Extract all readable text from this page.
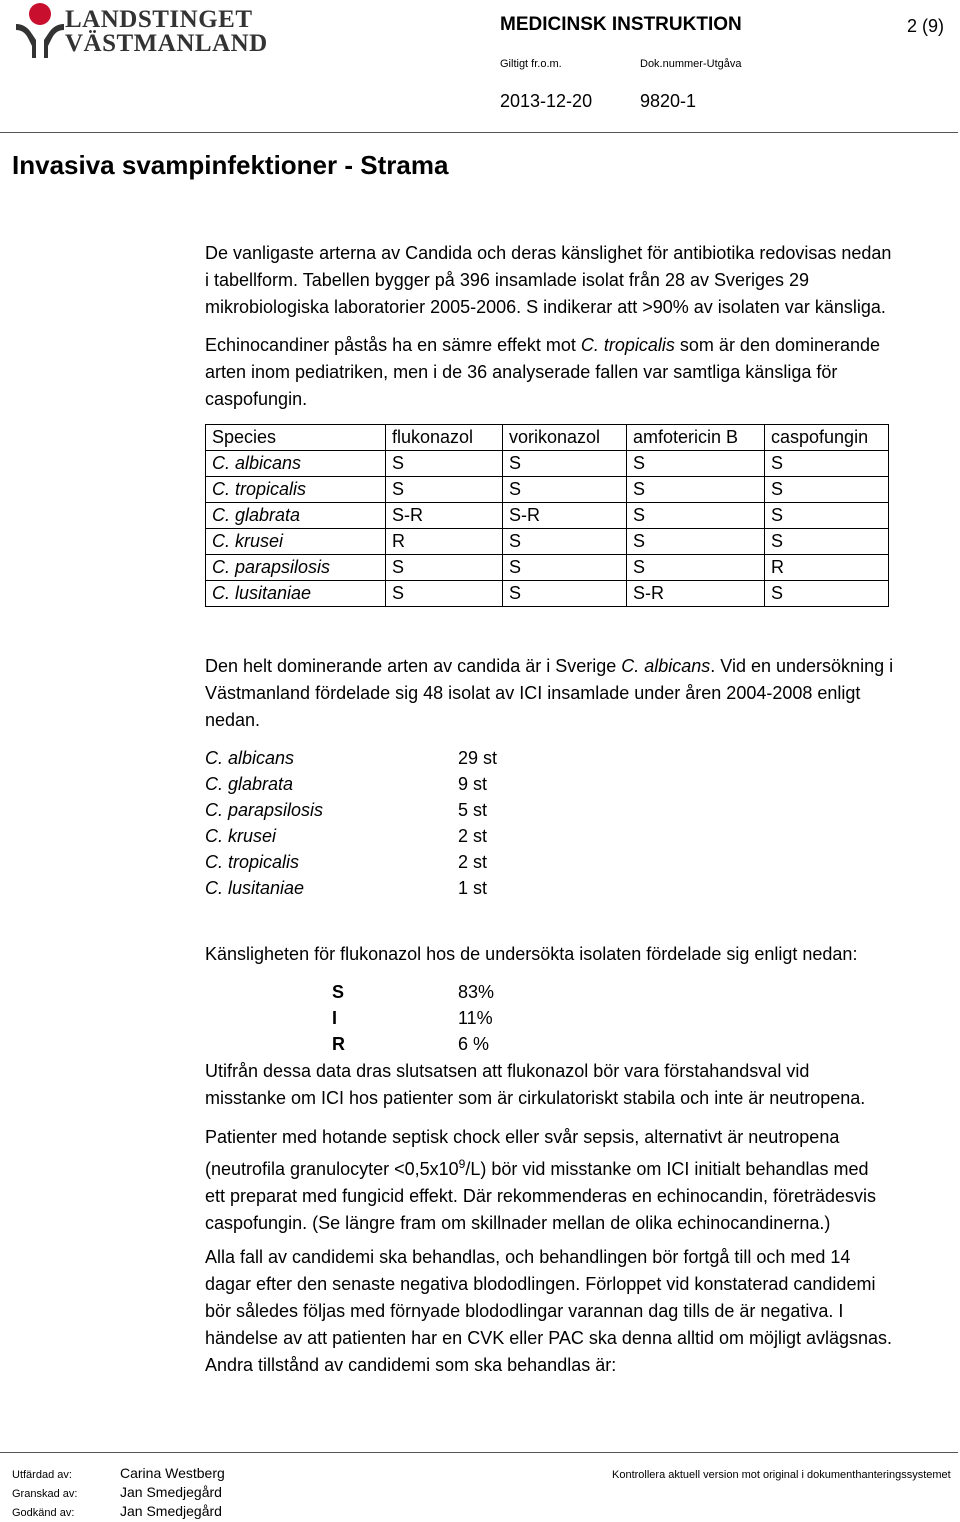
LANDSTINGET
VÄSTMANLAND
MEDICINSK INSTRUKTION	2 (9)
Giltigt fr.o.m.	Dok.nummer-Utgåva
2013-12-20	9820-1
Invasiva svampinfektioner - Strama
De vanligaste arterna av Candida och deras känslighet för antibiotika redovisas nedan
i tabellform. Tabellen bygger på 396 insamlade isolat från 28 av Sveriges 29
mikrobiologiska laboratorier 2005-2006. S indikerar att >90% av isolaten var känsliga.
Echinocandiner påstås ha en sämre effekt mot C. tropicalis som är den dominerande
arten inom pediatriken, men i de 36 analyserade fallen var samtliga känsliga för
caspofungin.
Species	flukonazol	vorikonazol	amfotericin B	caspofungin
C. albicans	S	S	S	S
C. tropicalis	S	S	S	S
C. glabrata	S-R	S-R	S	S
C. krusei	R	S	S	S
C. parapsilosis	S	S	S	R
C. lusitaniae	S	S	S-R	S
Den helt dominerande arten av candida är i Sverige C. albicans. Vid en undersökning i
Västmanland fördelade sig 48 isolat av ICI insamlade under åren 2004-2008 enligt
nedan.
C. albicans	29 st
C. glabrata	9 st
C. parapsilosis	5 st
C. krusei	2 st
C. tropicalis	2 st
C. lusitaniae	1 st
Känsligheten för flukonazol hos de undersökta isolaten fördelade sig enligt nedan:
S	83%
I	11%
R	6 %
Utifrån dessa data dras slutsatsen att flukonazol bör vara förstahandsval vid
misstanke om ICI hos patienter som är cirkulatoriskt stabila och inte är neutropena.
Patienter med hotande septisk chock eller svår sepsis, alternativt är neutropena
(neutrofila granulocyter $<0,5x10^9/L$) bör vid misstanke om ICI initialt behandlas med
ett preparat med fungicid effekt. Där rekommenderas en echinocandin, företrädesvis
caspofungin. (Se längre fram om skillnader mellan de olika echinocandinerna.)
Alla fall av candidemi ska behandlas, och behandlingen bör fortgå till och med 14
dagar efter den senaste negativa blododlingen. Förloppet vid konstaterad candidemi
bör således följas med förnyade blododlingar varannan dag tills de är negativa. I
händelse av att patienten har en CVK eller PAC ska denna alltid om möjligt avlägsnas.
Andra tillstånd av candidemi som ska behandlas är:
Utfärdad av:	Carina Westberg
Granskad av:	Jan Smedjegård
Godkänd av:	Jan Smedjegård
Kontrollera aktuell version mot original i dokumenthanteringssystemet
